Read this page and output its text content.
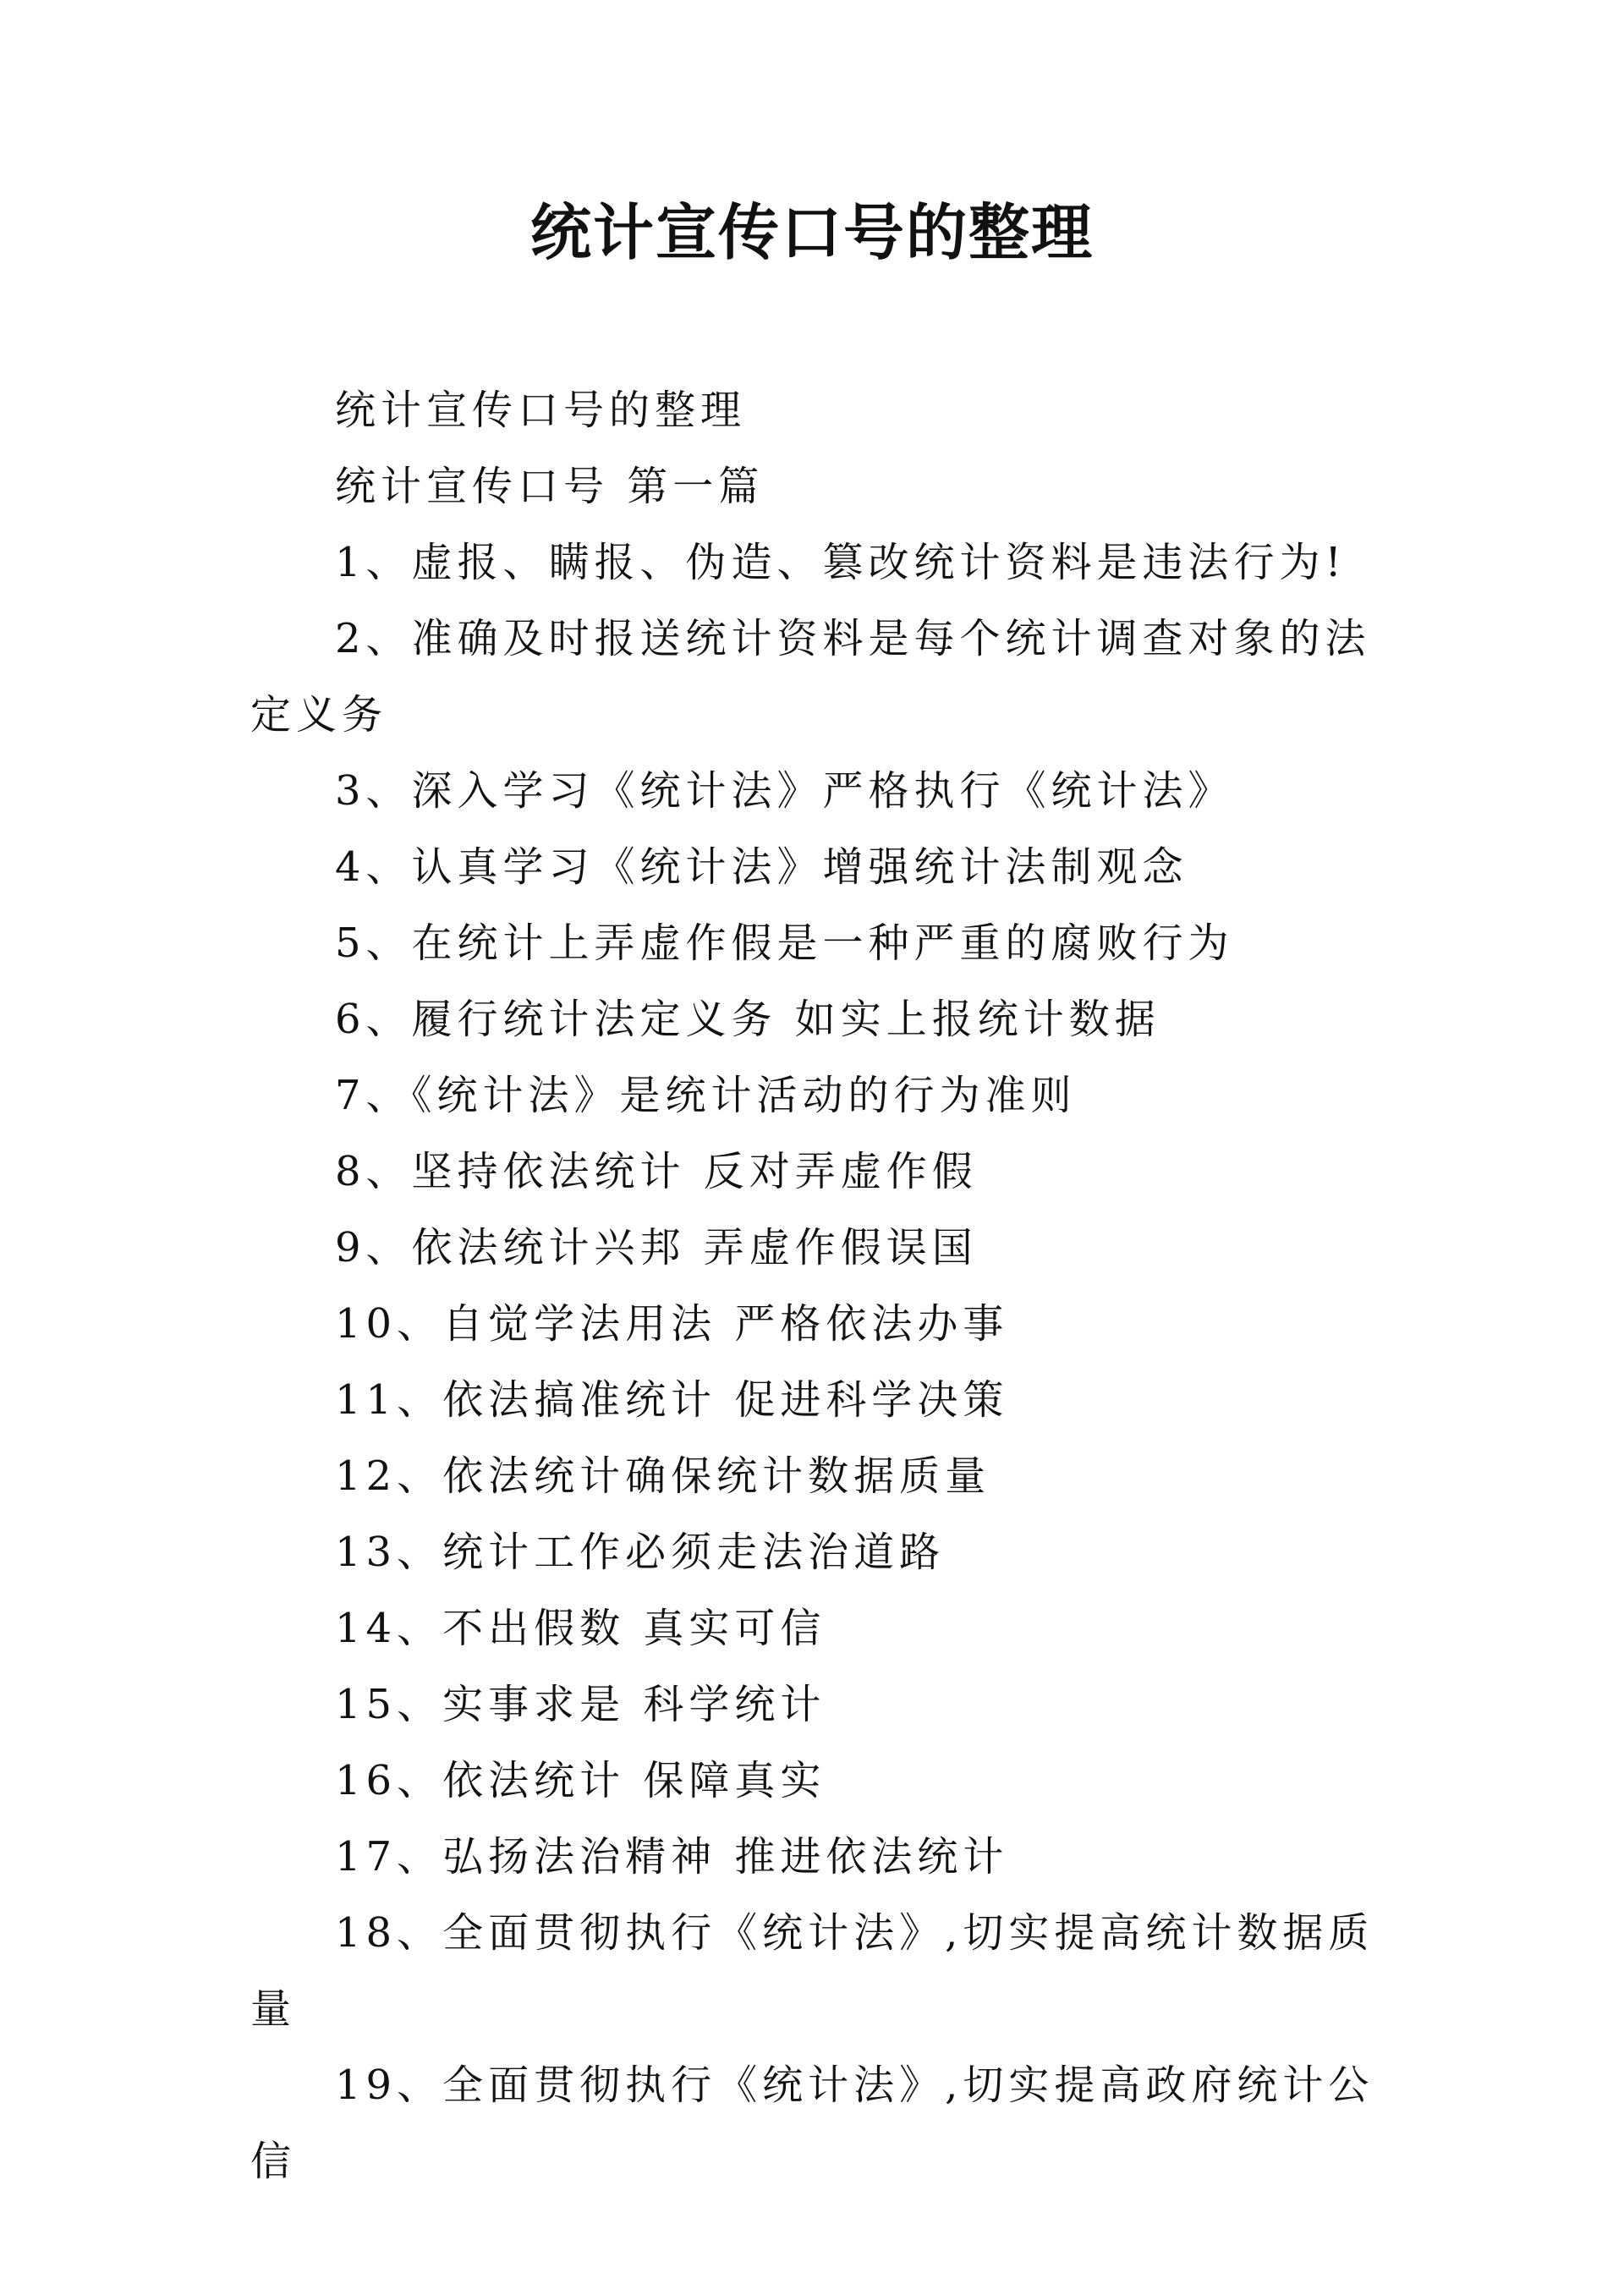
统计宣传口号的整理

统计宣传口号的整理

统计宣传口号 第一篇

1、虚报、瞒报、伪造、篡改统计资料是违法行为!

2、准确及时报送统计资料是每个统计调查对象的法定义务

3、深入学习《统计法》严格执行《统计法》

4、认真学习《统计法》增强统计法制观念

5、在统计上弄虚作假是一种严重的腐败行为

6、履行统计法定义务 如实上报统计数据

7、《统计法》是统计活动的行为准则

8、坚持依法统计 反对弄虚作假

9、依法统计兴邦 弄虚作假误国

10、自觉学法用法 严格依法办事

11、依法搞准统计 促进科学决策

12、依法统计确保统计数据质量

13、统计工作必须走法治道路

14、不出假数 真实可信

15、实事求是 科学统计

16、依法统计 保障真实

17、弘扬法治精神 推进依法统计

18、全面贯彻执行《统计法》,切实提高统计数据质量

19、全面贯彻执行《统计法》,切实提高政府统计公信
